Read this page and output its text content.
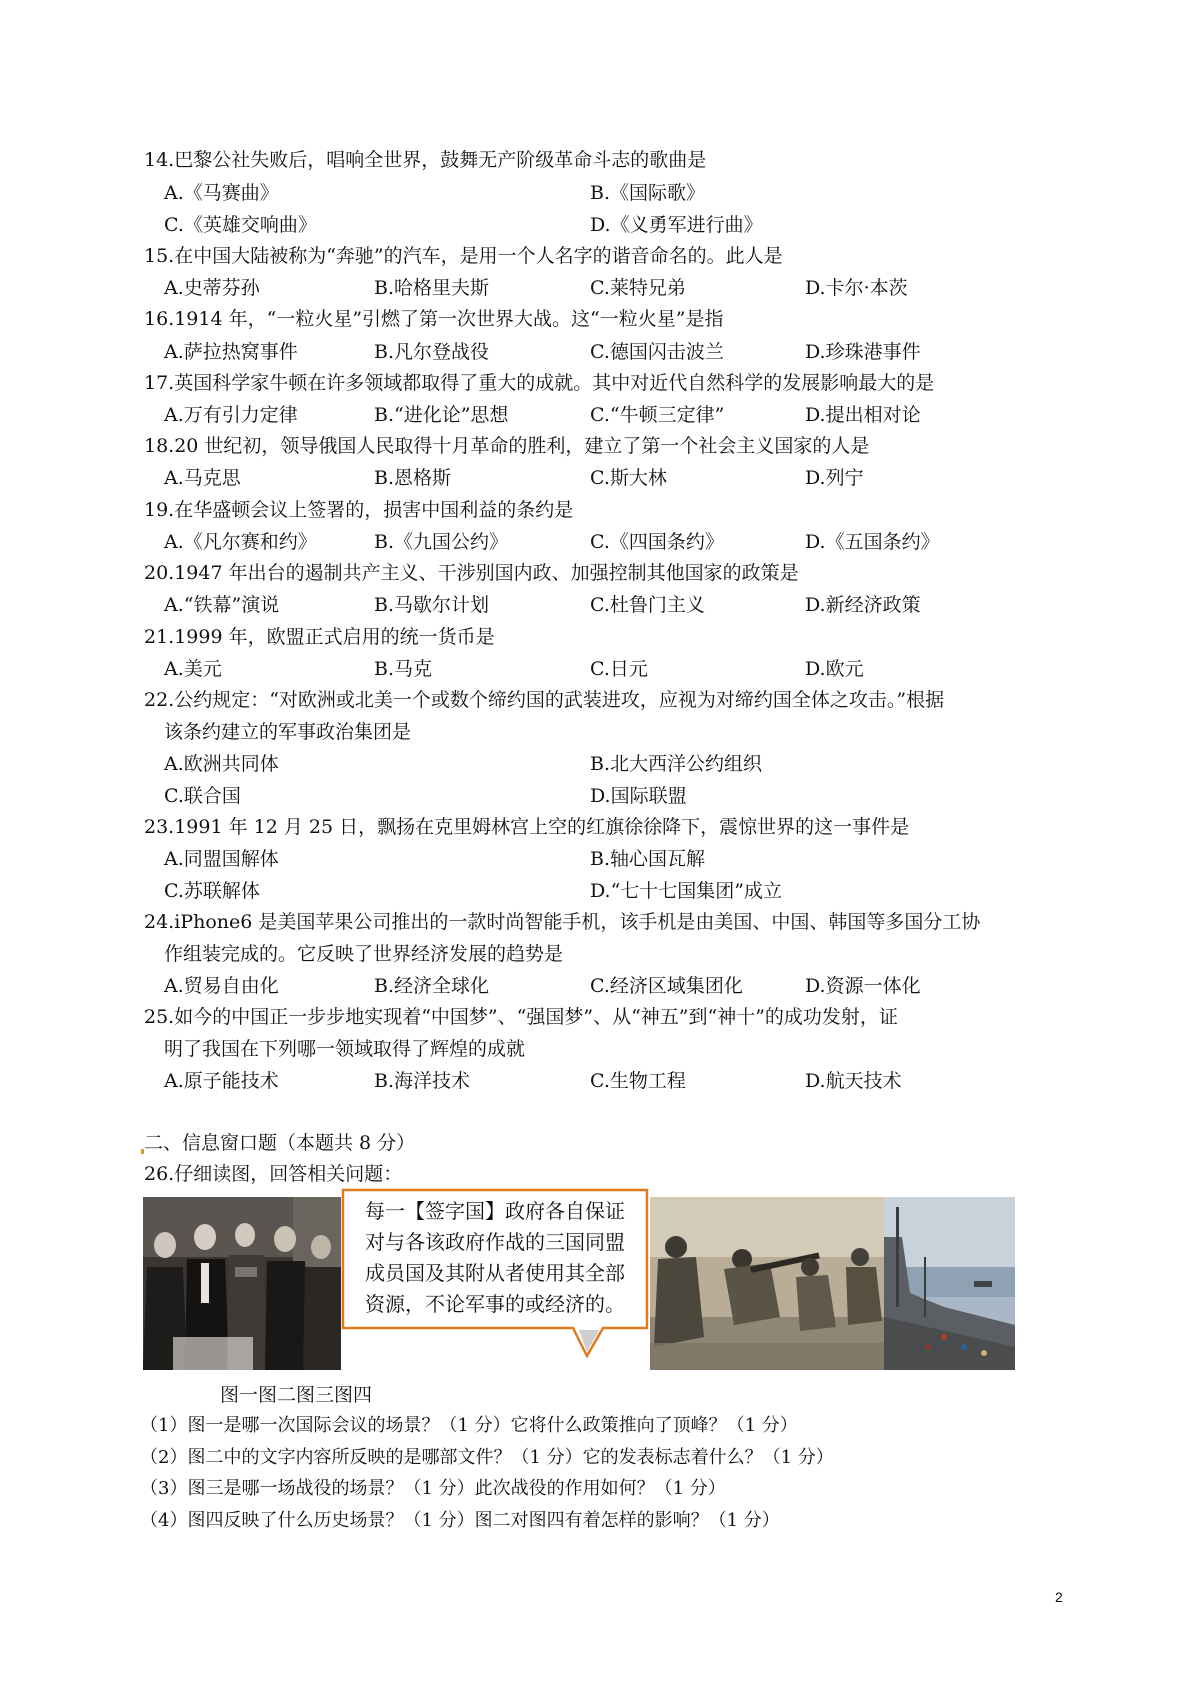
14.巴黎公社失败后，唱响全世界，鼓舞无产阶级革命斗志的歌曲是
A.《马赛曲》	B.《国际歌》
C.《英雄交响曲》	D.《义勇军进行曲》
15.在中国大陆被称为“奔驰”的汽车，是用一个人名字的谐音命名的。此人是
A.史蒂芬孙	B.哈格里夫斯	C.莱特兄弟	D.卡尔·本茨
16.1914 年，“一粒火星”引燃了第一次世界大战。这“一粒火星”是指
A.萨拉热窝事件	B.凡尔登战役	C.德国闪击波兰	D.珍珠港事件
17.英国科学家牛顿在许多领域都取得了重大的成就。其中对近代自然科学的发展影响最大的是
A.万有引力定律	B.“进化论”思想	C.“牛顿三定律”	D.提出相对论
18.20 世纪初，领导俄国人民取得十月革命的胜利，建立了第一个社会主义国家的人是
A.马克思	B.恩格斯	C.斯大林	D.列宁
19.在华盛顿会议上签署的，损害中国利益的条约是
A.《凡尔赛和约》	B.《九国公约》	C.《四国条约》	D.《五国条约》
20.1947 年出台的遏制共产主义、干涉别国内政、加强控制其他国家的政策是
A.“铁幕”演说	B.马歇尔计划	C.杜鲁门主义	D.新经济政策
21.1999 年，欧盟正式启用的统一货币是
A.美元	B.马克	C.日元	D.欧元
22.公约规定：“对欧洲或北美一个或数个缔约国的武装进攻，应视为对缔约国全体之攻击。”根据
该条约建立的军事政治集团是
A.欧洲共同体	B.北大西洋公约组织
C.联合国	D.国际联盟
23.1991 年 12 月 25 日，飘扬在克里姆林宫上空的红旗徐徐降下，震惊世界的这一事件是
A.同盟国解体	B.轴心国瓦解
C.苏联解体	D.“七十七国集团”成立
24.iPhone6 是美国苹果公司推出的一款时尚智能手机，该手机是由美国、中国、韩国等多国分工协
作组装完成的。它反映了世界经济发展的趋势是
A.贸易自由化	B.经济全球化	C.经济区域集团化	D.资源一体化
25.如今的中国正一步步地实现着“中国梦”、“强国梦”、从“神五”到“神十”的成功发射，证
明了我国在下列哪一领域取得了辉煌的成就
A.原子能技术	B.海洋技术	C.生物工程	D.航天技术
二、信息窗口题（本题共 8 分）
26.仔细读图，回答相关问题：
每一【签字国】政府各自保证对与各该政府作战的三国同盟成员国及其附从者使用其全部资源，不论军事的或经济的。
图一图二图三图四
（1）图一是哪一次国际会议的场景？（1 分）它将什么政策推向了顶峰？（1 分）
（2）图二中的文字内容所反映的是哪部文件？（1 分）它的发表标志着什么？（1 分）
（3）图三是哪一场战役的场景？（1 分）此次战役的作用如何？（1 分）
（4）图四反映了什么历史场景？（1 分）图二对图四有着怎样的影响？（1 分）
2
